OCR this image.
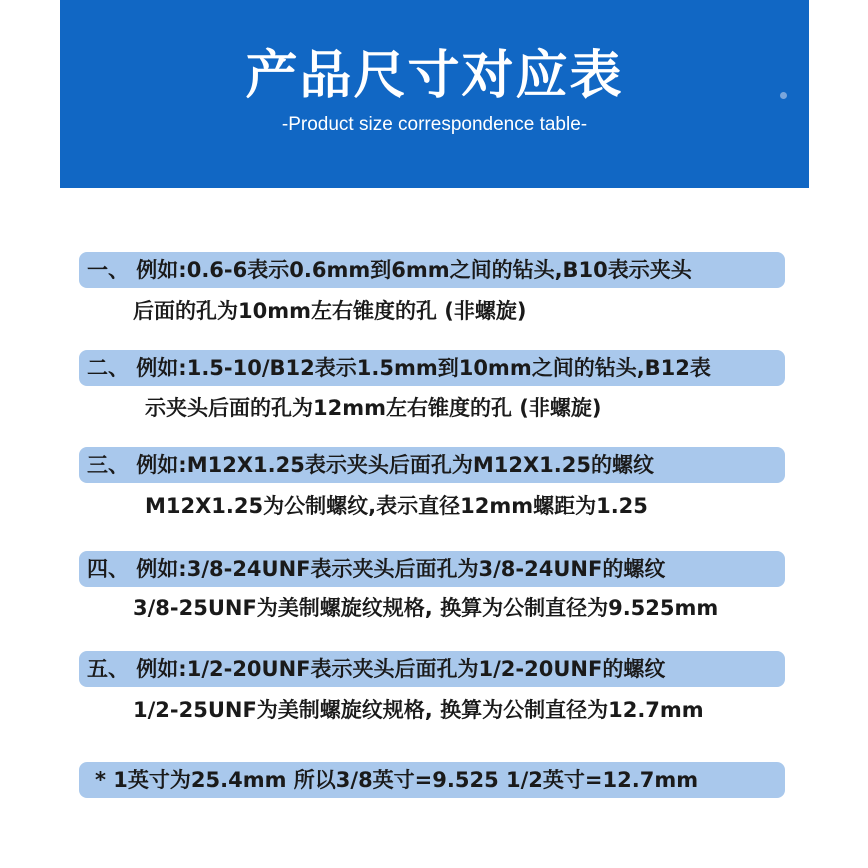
产品尺寸对应表
-Product size correspondence table-
一、 例如:0.6-6表示0.6mm到6mm之间的钻头,B10表示夹头
后面的孔为10mm左右锥度的孔 (非螺旋)
二、 例如:1.5-10/B12表示1.5mm到10mm之间的钻头,B12表
示夹头后面的孔为12mm左右锥度的孔 (非螺旋)
三、 例如:M12X1.25表示夹头后面孔为M12X1.25的螺纹
M12X1.25为公制螺纹,表示直径12mm螺距为1.25
四、 例如:3/8-24UNF表示夹头后面孔为3/8-24UNF的螺纹
3/8-25UNF为美制螺旋纹规格, 换算为公制直径为9.525mm
五、 例如:1/2-20UNF表示夹头后面孔为1/2-20UNF的螺纹
1/2-25UNF为美制螺旋纹规格, 换算为公制直径为12.7mm
* 1英寸为25.4mm 所以3/8英寸=9.525 1/2英寸=12.7mm
